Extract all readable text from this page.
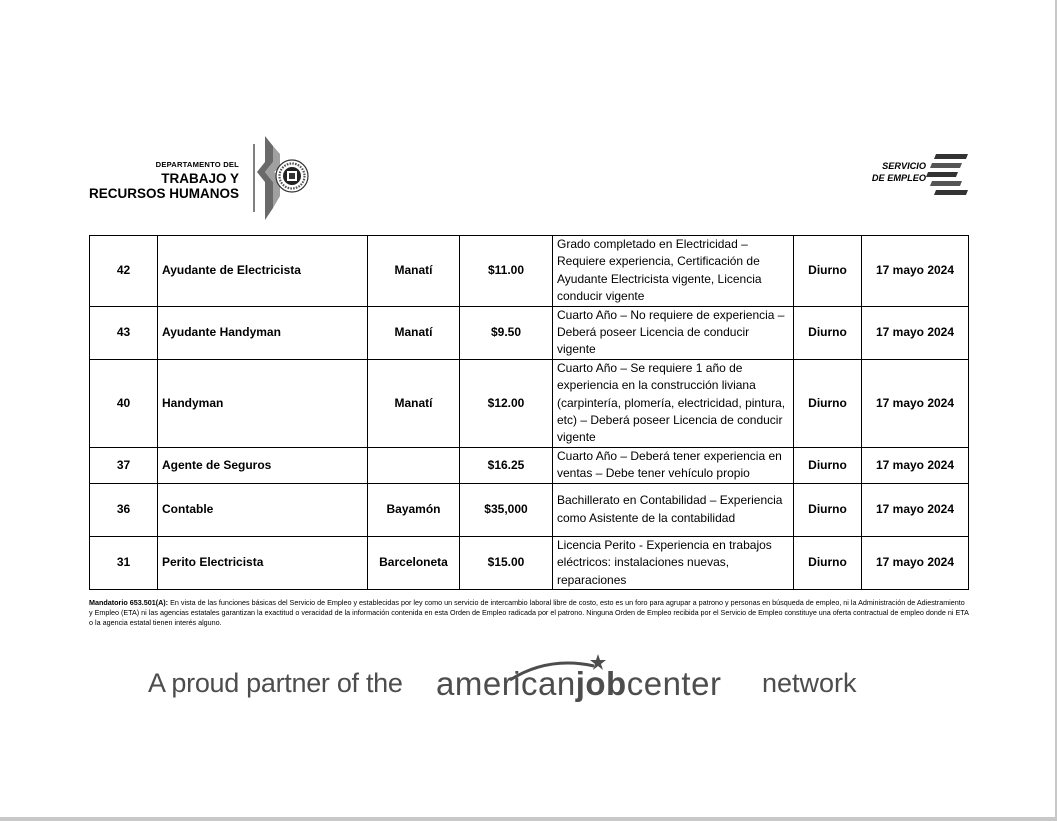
DEPARTAMENTO DEL
TRABAJO Y
RECURSOS HUMANOS
SERVICIO
DE EMPLEO
42	Ayudante de Electricista	Manatí	$11.00	Grado completado en Electricidad – Requiere experiencia, Certificación de Ayudante Electricista vigente, Licencia conducir vigente	Diurno	17 mayo 2024
43	Ayudante Handyman	Manatí	$9.50	Cuarto Año – No requiere de experiencia – Deberá poseer Licencia de conducir vigente	Diurno	17 mayo 2024
40	Handyman	Manatí	$12.00	Cuarto Año – Se requiere 1 año de experiencia en la construcción liviana (carpintería, plomería, electricidad, pintura, etc) – Deberá poseer Licencia de conducir vigente	Diurno	17 mayo 2024
37	Agente de Seguros		$16.25	Cuarto Año – Deberá tener experiencia en ventas – Debe tener vehículo propio	Diurno	17 mayo 2024
36	Contable	Bayamón	$35,000	Bachillerato en Contabilidad – Experiencia como Asistente de la contabilidad	Diurno	17 mayo 2024
31	Perito Electricista	Barceloneta	$15.00	Licencia Perito - Experiencia en trabajos eléctricos: instalaciones nuevas, reparaciones	Diurno	17 mayo 2024
Mandatorio 653.501(A): En vista de las funciones básicas del Servicio de Empleo y establecidas por ley como un servicio de intercambio laboral libre de costo, esto es un foro para agrupar a patrono y personas en búsqueda de empleo, ni la Administración de Adiestramiento y Empleo (ETA) ni las agencias estatales garantizan la exactitud o veracidad de la información contenida en esta Orden de Empleo radicada por el patrono. Ninguna Orden de Empleo recibida por el Servicio de Empleo constituye una oferta contractual de empleo donde ni ETA o la agencia estatal tienen interés alguno.
A proud partner of the americanjobcenter network
